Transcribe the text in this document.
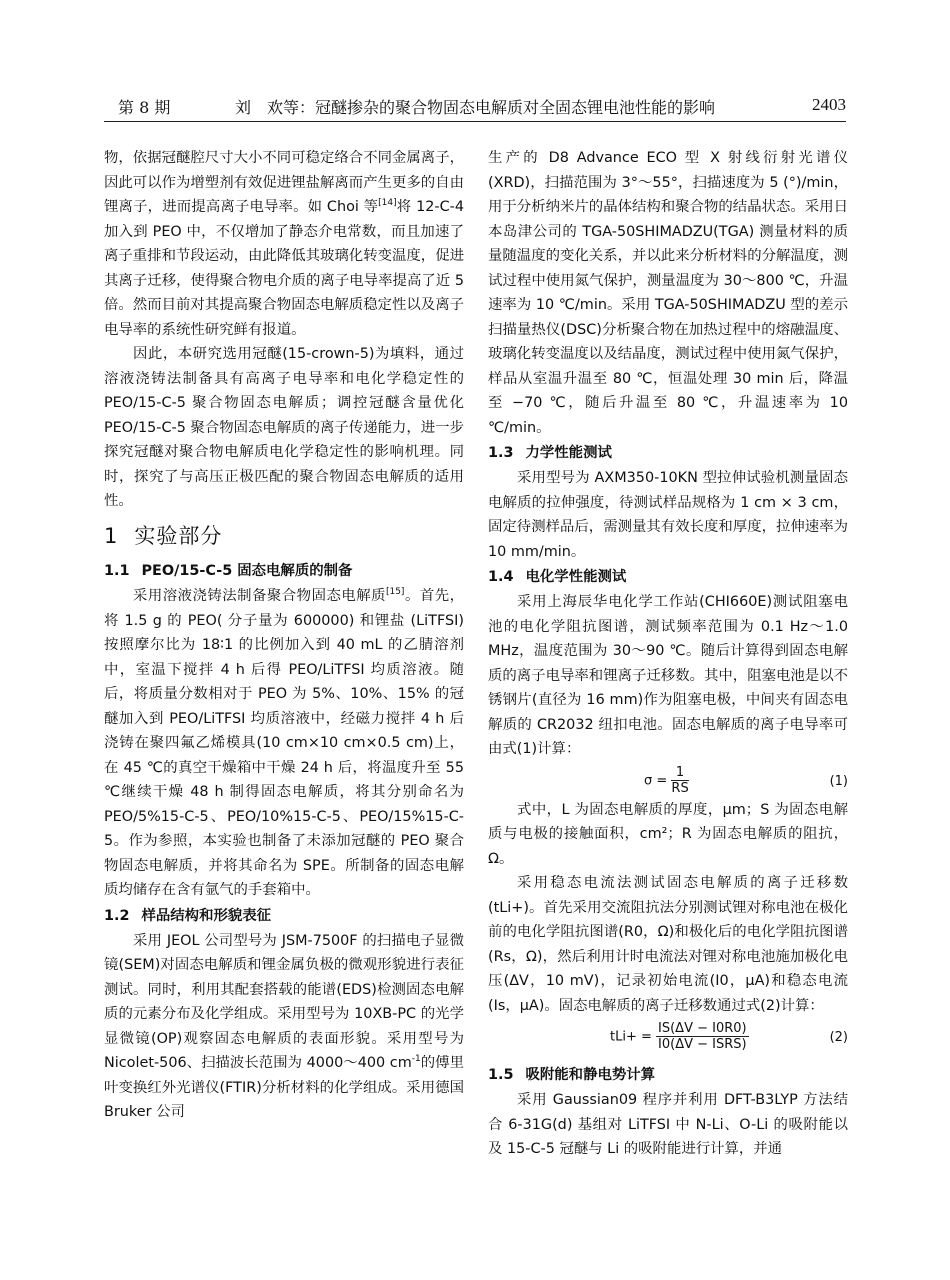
第 8 期	刘　欢等：冠醚掺杂的聚合物固态电解质对全固态锂电池性能的影响	2403

物，依据冠醚腔尺寸大小不同可稳定络合不同金属离子，因此可以作为增塑剂有效促进锂盐解离而产生更多的自由锂离子，进而提高离子电导率。如 Choi 等[14]将 12-C-4 加入到 PEO 中，不仅增加了静态介电常数，而且加速了离子重排和节段运动，由此降低其玻璃化转变温度，促进其离子迁移，使得聚合物电介质的离子电导率提高了近 5 倍。然而目前对其提高聚合物固态电解质稳定性以及离子电导率的系统性研究鲜有报道。

因此，本研究选用冠醚(15-crown-5)为填料，通过溶液浇铸法制备具有高离子电导率和电化学稳定性的 PEO/15-C-5 聚合物固态电解质；调控冠醚含量优化 PEO/15-C-5 聚合物固态电解质的离子传递能力，进一步探究冠醚对聚合物电解质电化学稳定性的影响机理。同时，探究了与高压正极匹配的聚合物固态电解质的适用性。

1 实验部分
1.1 PEO/15-C-5 固态电解质的制备

采用溶液浇铸法制备聚合物固态电解质[15]。首先，将 1.5 g 的 PEO( 分子量为 600000) 和锂盐 (LiTFSI) 按照摩尔比为 18∶1 的比例加入到 40 mL 的乙腈溶剂中，室温下搅拌 4 h 后得 PEO/LiTFSI 均质溶液。随后，将质量分数相对于 PEO 为 5%、10%、15% 的冠醚加入到 PEO/LiTFSI 均质溶液中，经磁力搅拌 4 h 后浇铸在聚四氟乙烯模具(10 cm×10 cm×0.5 cm)上，在 45 ℃的真空干燥箱中干燥 24 h 后，将温度升至 55 ℃继续干燥 48 h 制得固态电解质，将其分别命名为 PEO/5%15-C-5、PEO/10%15-C-5、PEO/15%15-C-5。作为参照，本实验也制备了未添加冠醚的 PEO 聚合物固态电解质，并将其命名为 SPE。所制备的固态电解质均储存在含有氩气的手套箱中。

1.2 样品结构和形貌表征

采用 JEOL 公司型号为 JSM-7500F 的扫描电子显微镜(SEM)对固态电解质和锂金属负极的微观形貌进行表征测试。同时，利用其配套搭载的能谱(EDS)检测固态电解质的元素分布及化学组成。采用型号为 10XB-PC 的光学显微镜(OP)观察固态电解质的表面形貌。采用型号为 Nicolet-506、扫描波长范围为 4000～400 $cm^{-1}$的傅里叶变换红外光谱仪(FTIR)分析材料的化学组成。采用德国 Bruker 公司

生产的 D8 Advance ECO 型 X 射线衍射光谱仪(XRD)，扫描范围为 3°～55°，扫描速度为 5 (°)/min，用于分析纳米片的晶体结构和聚合物的结晶状态。采用日本岛津公司的 TGA-50SHIMADZU(TGA) 测量材料的质量随温度的变化关系，并以此来分析材料的分解温度，测试过程中使用氮气保护，测量温度为 30～800 ℃，升温速率为 10 ℃/min。采用 TGA-50SHIMADZU 型的差示扫描量热仪(DSC)分析聚合物在加热过程中的熔融温度、玻璃化转变温度以及结晶度，测试过程中使用氮气保护，样品从室温升温至 80 ℃，恒温处理 30 min 后，降温至 −70 ℃，随后升温至 80 ℃，升温速率为 10 ℃/min。

1.3 力学性能测试

采用型号为 AXM350-10KN 型拉伸试验机测量固态电解质的拉伸强度，待测试样品规格为 1 cm × 3 cm，固定待测样品后，需测量其有效长度和厚度，拉伸速率为 10 mm/min。

1.4 电化学性能测试

采用上海辰华电化学工作站(CHI660E)测试阻塞电池的电化学阻抗图谱，测试频率范围为 0.1 Hz～1.0 MHz，温度范围为 30～90 ℃。随后计算得到固态电解质的离子电导率和锂离子迁移数。其中，阻塞电池是以不锈钢片(直径为 16 mm)作为阻塞电极，中间夹有固态电解质的 CR2032 纽扣电池。固态电解质的离子电导率可由式(1)计算：

$\sigma = \frac{1}{RS}$	(1)

式中，L 为固态电解质的厚度，μm；S 为固态电解质与电极的接触面积，cm²；R 为固态电解质的阻抗，Ω。

采用稳态电流法测试固态电解质的离子迁移数(tLi+)。首先采用交流阻抗法分别测试锂对称电池在极化前的电化学阻抗图谱(R0，Ω)和极化后的电化学阻抗图谱(Rs，Ω)，然后利用计时电流法对锂对称电池施加极化电压(ΔV，10 mV)，记录初始电流(I0，μA)和稳态电流(Is，μA)。固态电解质的离子迁移数通过式(2)计算：

$tLi+ = \frac{IS(\Delta V - I0R0)}{\text{I0(ΔV − ISRS)}}$	(2)
1.5 吸附能和静电势计算

采用 Gaussian09 程序并利用 DFT-B3LYP 方法结合 6-31G(d) 基组对 LiTFSI 中 N-Li、O-Li 的吸附能以及 15-C-5 冠醚与 Li 的吸附能进行计算，并通
